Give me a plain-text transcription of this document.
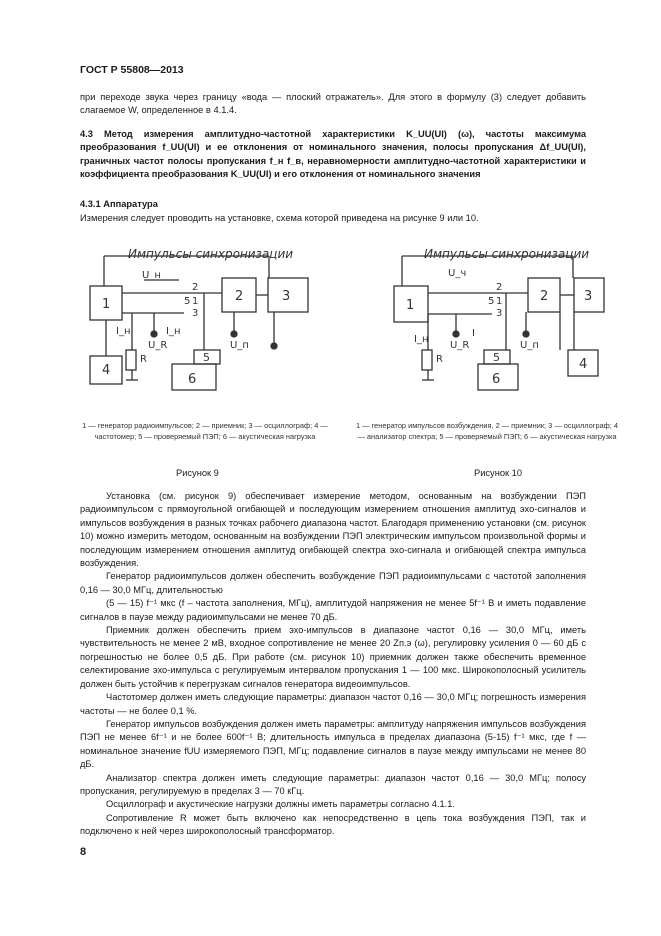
ГОСТ Р 55808—2013
при переходе звука через границу «вода — плоский отражатель». Для этого в формулу (3) следует добавить слагаемое W, определенное в 4.1.4.
4.3 Метод измерения амплитудно-частотной характеристики K_UU(UI) (ω), частоты максимума преобразования f_UU(UI) и ее отклонения от номинального значения, полосы пропускания Δf_UU(UI), граничных частот полосы пропускания f_н f_в, неравномерности амплитудно-частотной характеристики и коэффициента преобразования K_UU(UI) и его отклонения от номинального значения
4.3.1 Аппаратура
Измерения следует проводить на установке, схема которой приведена на рисунке 9 или 10.
Импульсы синхронизации
1
2	3
U_н
2
5 1
3
4
I_н
R
U_R
I_н
5
6
U_п
Импульсы синхронизации
1
2	3
U_ч
2
5 1
3
I_н
R
U_R
I
5
6
U_п
4
1 — генератор радиоимпульсов; 2 — приемник; 3 — осциллограф; 4 — частотомер; 5 — проверяемый ПЭП; 6 — акустическая нагрузка
1 — генератор импульсов возбуждения, 2 — приемник; 3 — осциллограф; 4 — анализатор спектра; 5 — проверяемый ПЭП; 6 — акустическая нагрузка
Рисунок 9	Рисунок 10
Установка (см. рисунок 9) обеспечивает измерение методом, основанным на возбуждении ПЭП радиоимпульсом с прямоугольной огибающей и последующим измерением отношения амплитуд эхо-сигналов и импульсов возбуждения в разных точках рабочего диапазона частот. Благодаря применению установки (см. рисунок 10) можно измерить методом, основанным на возбуждении ПЭП электрическим импульсом произвольной формы и последующим измерением отношения амплитуд огибающей спектра эхо-сигнала и огибающей спектра импульса возбуждения.
Генератор радиоимпульсов должен обеспечить возбуждение ПЭП радиоимпульсами с частотой заполнения 0,16 — 30,0 МГц, длительностью
(5 — 15) f⁻¹ мкс (f – частота заполнения, МГц), амплитудой напряжения не менее 5f⁻¹ В и иметь подавление сигналов в паузе между радиоимпульсами не менее 70 дБ.
Приемник должен обеспечить прием эхо-импульсов в диапазоне частот 0,16 — 30,0 МГц, иметь чувствительность не менее 2 мВ, входное сопротивление не менее 20 Zп.э (ω), регулировку усиления 0 — 60 дБ с погрешностью не более 0,5 дБ. При работе (см. рисунок 10) приемник должен также обеспечить временное селектирование эхо-импульса с регулируемым интервалом пропускания 1 — 100 мкс. Широкополосный усилитель должен быть устойчив к перегрузкам сигналов генератора видеоимпульсов.
Частотомер должен иметь следующие параметры: диапазон частот 0,16 — 30,0 МГц; погрешность измерения частоты — не более 0,1 %.
Генератор импульсов возбуждения должен иметь параметры: амплитуду напряжения импульсов возбуждения ПЭП не менее 6f⁻¹ и не более 600f⁻¹ В; длительность импульса в пределах диапазона (5-15) f⁻¹ мкс, где f — номинальное значение fUU измеряемого ПЭП, МГц; подавление сигналов в паузе между импульсами не менее 80 дБ.
Анализатор спектра должен иметь следующие параметры: диапазон частот 0,16 — 30,0 МГц; полосу пропускания, регулируемую в пределах 3 — 70 кГц.
Осциллограф и акустические нагрузки должны иметь параметры согласно 4.1.1.
Сопротивление R может быть включено как непосредственно в цепь тока возбуждения ПЭП, так и подключено к ней через широкополосный трансформатор.
8
